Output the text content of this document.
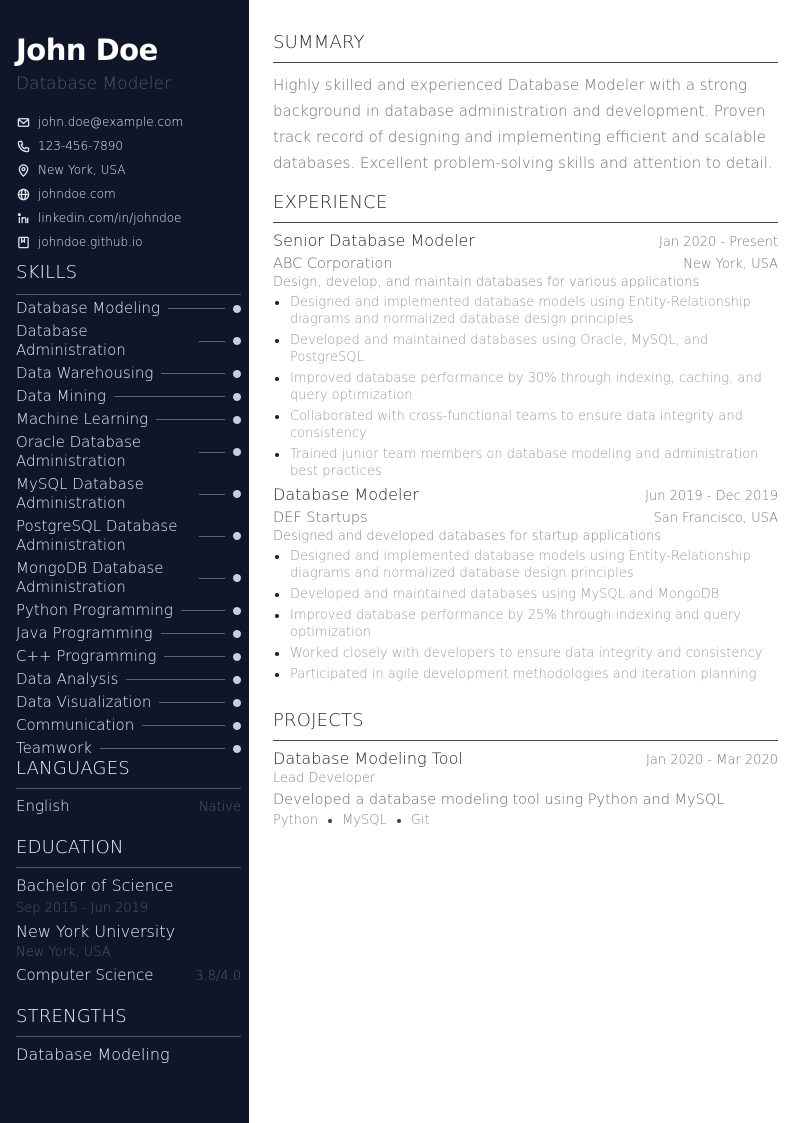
John Doe
Database Modeler
john.doe@example.com
123-456-7890
New York, USA
johndoe.com
linkedin.com/in/johndoe
johndoe.github.io
SKILLS
Database Modeling
Database Administration
Data Warehousing
Data Mining
Machine Learning
Oracle Database Administration
MySQL Database Administration
PostgreSQL Database Administration
MongoDB Database Administration
Python Programming
Java Programming
C++ Programming
Data Analysis
Data Visualization
Communication
Teamwork
LANGUAGES
English	Native
EDUCATION
Bachelor of Science
Sep 2015 - Jun 2019
New York University
New York, USA
Computer Science	3.8/4.0
STRENGTHS
Database Modeling
SUMMARY
Highly skilled and experienced Database Modeler with a strong background in database administration and development. Proven track record of designing and implementing efficient and scalable databases. Excellent problem-solving skills and attention to detail.
EXPERIENCE
Senior Database Modeler	Jan 2020 - Present
ABC Corporation	New York, USA
Design, develop, and maintain databases for various applications
Designed and implemented database models using Entity-Relationship diagrams and normalized database design principles
Developed and maintained databases using Oracle, MySQL, and PostgreSQL
Improved database performance by 30% through indexing, caching, and query optimization
Collaborated with cross-functional teams to ensure data integrity and consistency
Trained junior team members on database modeling and administration best practices
Database Modeler	Jun 2019 - Dec 2019
DEF Startups	San Francisco, USA
Designed and developed databases for startup applications
Designed and implemented database models using Entity-Relationship diagrams and normalized database design principles
Developed and maintained databases using MySQL and MongoDB
Improved database performance by 25% through indexing and query optimization
Worked closely with developers to ensure data integrity and consistency
Participated in agile development methodologies and iteration planning
PROJECTS
Database Modeling Tool	Jan 2020 - Mar 2020
Lead Developer
Developed a database modeling tool using Python and MySQL
Python MySQL Git
